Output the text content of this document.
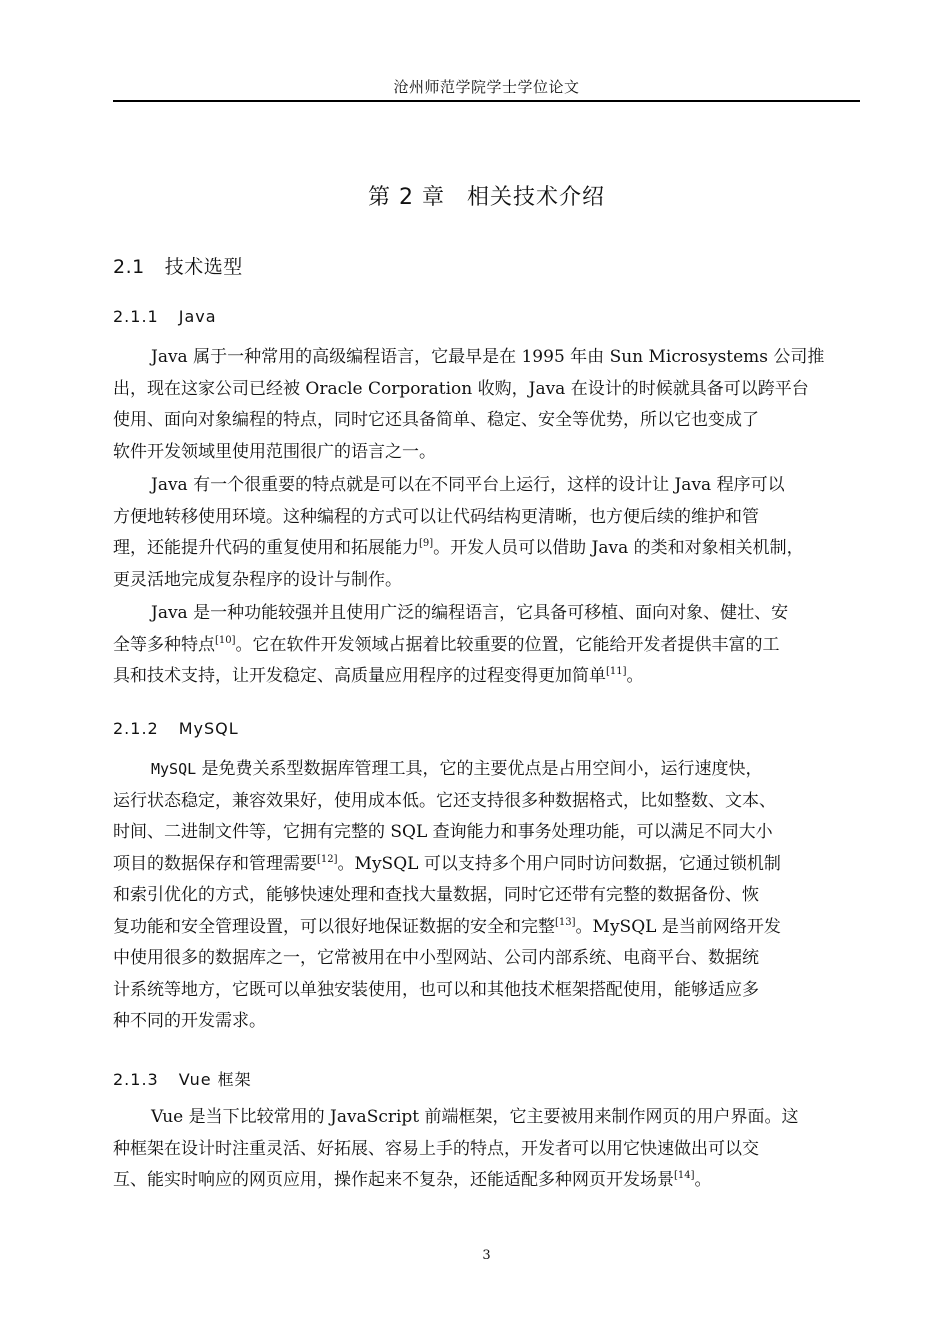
沧州师范学院学士学位论文
第 2 章 相关技术介绍
2.1 技术选型
2.1.1 Java
Java 属于一种常用的高级编程语言，它最早是在 1995 年由 Sun Microsystems 公司推
出，现在这家公司已经被 Oracle Corporation 收购，Java 在设计的时候就具备可以跨平台
使用、面向对象编程的特点，同时它还具备简单、稳定、安全等优势，所以它也变成了
软件开发领域里使用范围很广的语言之一。
Java 有一个很重要的特点就是可以在不同平台上运行，这样的设计让 Java 程序可以
方便地转移使用环境。这种编程的方式可以让代码结构更清晰，也方便后续的维护和管
理，还能提升代码的重复使用和拓展能力[9]。开发人员可以借助 Java 的类和对象相关机制，
更灵活地完成复杂程序的设计与制作。
Java 是一种功能较强并且使用广泛的编程语言，它具备可移植、面向对象、健壮、安
全等多种特点[10]。它在软件开发领域占据着比较重要的位置，它能给开发者提供丰富的工
具和技术支持，让开发稳定、高质量应用程序的过程变得更加简单[11]。
2.1.2 MySQL
MySQL 是免费关系型数据库管理工具，它的主要优点是占用空间小，运行速度快，
运行状态稳定，兼容效果好，使用成本低。它还支持很多种数据格式，比如整数、文本、
时间、二进制文件等，它拥有完整的 SQL 查询能力和事务处理功能，可以满足不同大小
项目的数据保存和管理需要[12]。MySQL 可以支持多个用户同时访问数据，它通过锁机制
和索引优化的方式，能够快速处理和查找大量数据，同时它还带有完整的数据备份、恢
复功能和安全管理设置，可以很好地保证数据的安全和完整[13]。MySQL 是当前网络开发
中使用很多的数据库之一，它常被用在中小型网站、公司内部系统、电商平台、数据统
计系统等地方，它既可以单独安装使用，也可以和其他技术框架搭配使用，能够适应多
种不同的开发需求。
2.1.3 Vue 框架
Vue 是当下比较常用的 JavaScript 前端框架，它主要被用来制作网页的用户界面。这
种框架在设计时注重灵活、好拓展、容易上手的特点，开发者可以用它快速做出可以交
互、能实时响应的网页应用，操作起来不复杂，还能适配多种网页开发场景[14]。
3
